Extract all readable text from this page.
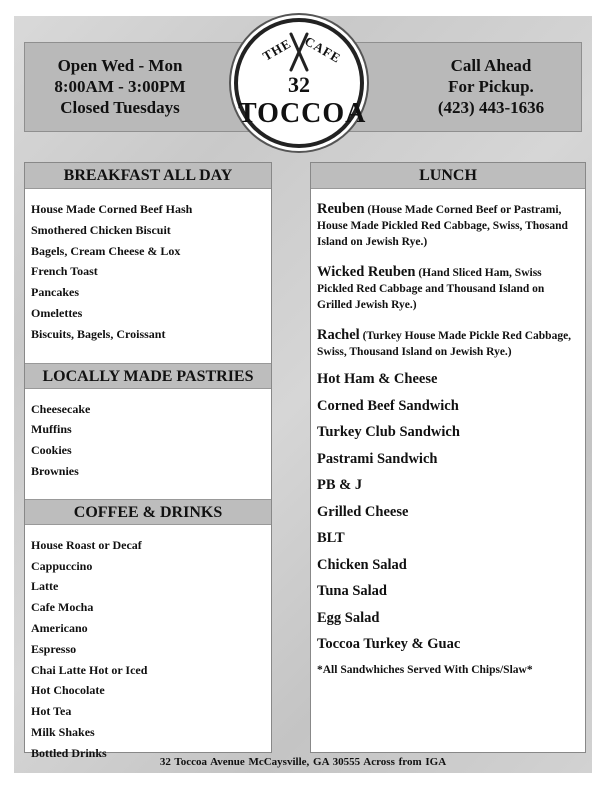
Open Wed - Mon
8:00AM - 3:00PM
Closed Tuesdays
Call Ahead
For Pickup.
(423) 443-1636
THE CAFE
32
TOCCOA
BREAKFAST ALL DAY
House Made Corned Beef Hash
Smothered Chicken Biscuit
Bagels, Cream Cheese & Lox
French Toast
Pancakes
Omelettes
Biscuits, Bagels, Croissant
LOCALLY MADE PASTRIES
Cheesecake
Muffins
Cookies
Brownies
COFFEE & DRINKS
House Roast or Decaf
Cappuccino
Latte
Cafe Mocha
Americano
Espresso
Chai Latte Hot or Iced
Hot Chocolate
Hot Tea
Milk Shakes
Bottled Drinks
LUNCH
Reuben (House Made Corned Beef or Pastrami, House Made Pickled Red Cabbage, Swiss, Thosand Island on Jewish Rye.)
Wicked Reuben (Hand Sliced Ham, Swiss Pickled Red Cabbage and Thousand Island on Grilled Jewish Rye.)
Rachel (Turkey House Made Pickle Red Cabbage, Swiss, Thousand Island on Jewish Rye.)
Hot Ham & Cheese
Corned Beef Sandwich
Turkey Club Sandwich
Pastrami Sandwich
PB & J
Grilled Cheese
BLT
Chicken Salad
Tuna Salad
Egg Salad
Toccoa Turkey & Guac
*All Sandwhiches Served With Chips/Slaw*
32 Toccoa Avenue McCaysville, GA 30555 Across from IGA
